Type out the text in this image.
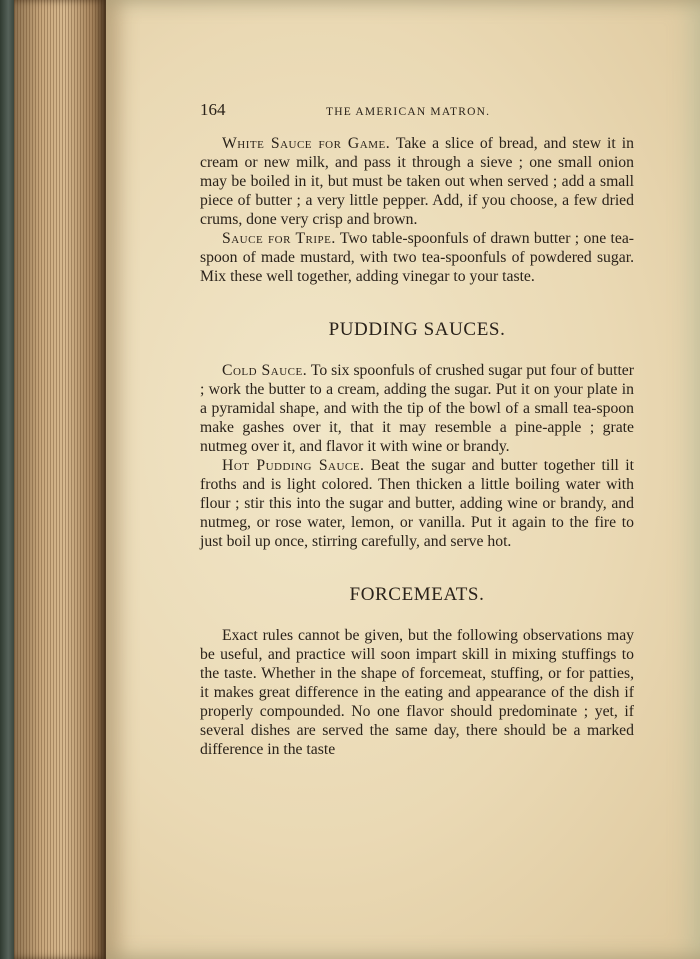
164	THE AMERICAN MATRON.

White Sauce for Game. Take a slice of bread, and stew it in cream or new milk, and pass it through a sieve ; one small onion may be boiled in it, but must be taken out when served ; add a small piece of butter ; a very little pepper. Add, if you choose, a few dried crums, done very crisp and brown.

Sauce for Tripe. Two table-spoonfuls of drawn butter ; one tea-spoon of made mustard, with two tea-spoonfuls of powdered sugar. Mix these well together, adding vinegar to your taste.

PUDDING SAUCES.

Cold Sauce. To six spoonfuls of crushed sugar put four of butter ; work the butter to a cream, adding the sugar. Put it on your plate in a pyramidal shape, and with the tip of the bowl of a small tea-spoon make gashes over it, that it may resemble a pine-apple ; grate nutmeg over it, and flavor it with wine or brandy.

Hot Pudding Sauce. Beat the sugar and butter together till it froths and is light colored. Then thicken a little boiling water with flour ; stir this into the sugar and butter, adding wine or brandy, and nutmeg, or rose water, lemon, or vanilla. Put it again to the fire to just boil up once, stirring carefully, and serve hot.

FORCEMEATS.

Exact rules cannot be given, but the following observations may be useful, and practice will soon impart skill in mixing stuffings to the taste. Whether in the shape of forcemeat, stuffing, or for patties, it makes great difference in the eating and appearance of the dish if properly compounded. No one flavor should predominate ; yet, if several dishes are served the same day, there should be a marked difference in the taste
